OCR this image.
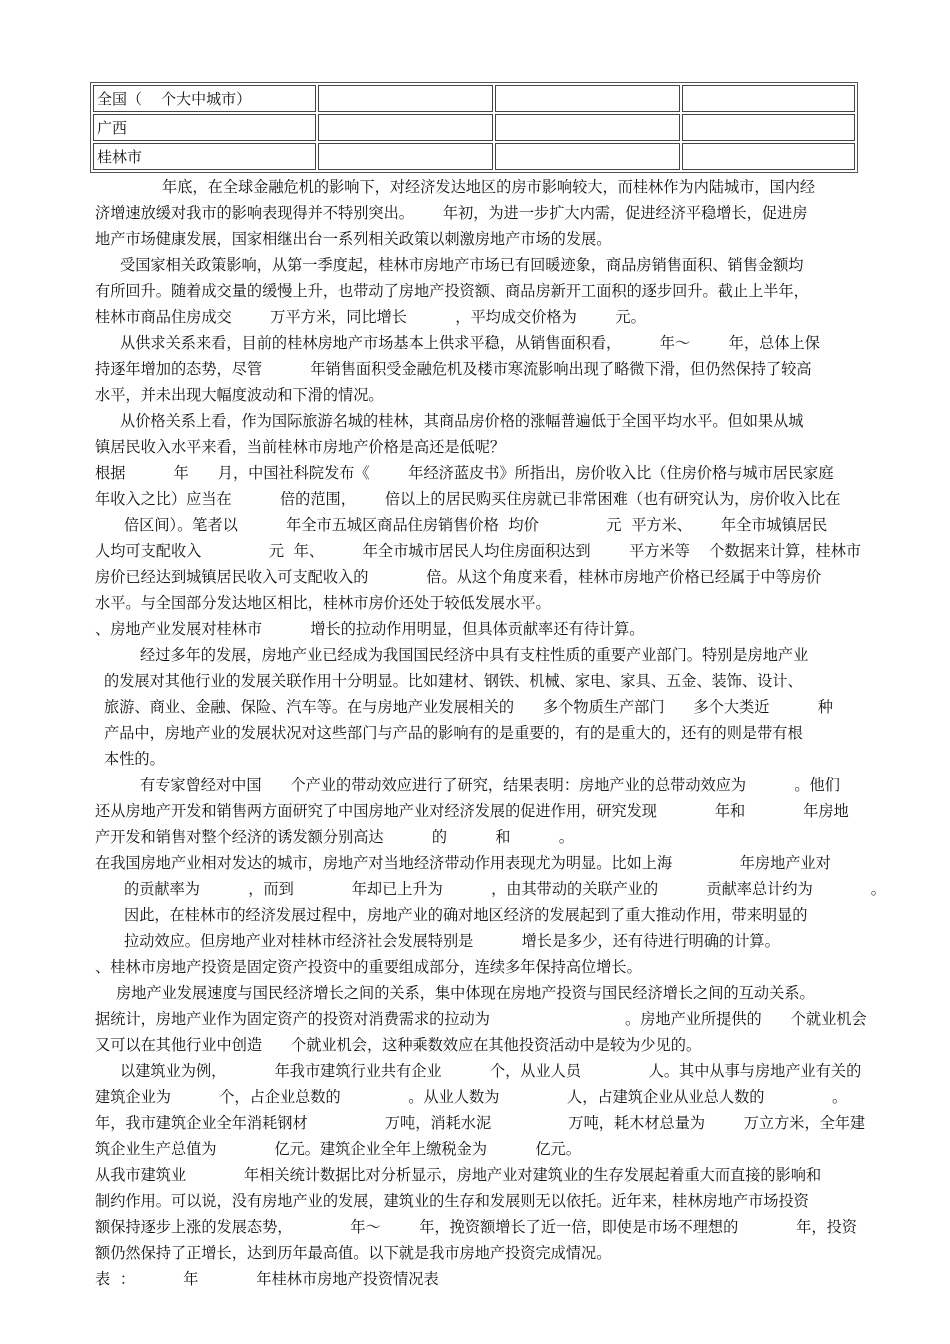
全国（    个大中城市）			
广西			
桂林市			
年底，在全球金融危机的影响下，对经济发达地区的房市影响较大，而桂林作为内陆城市，国内经
济增速放缓对我市的影响表现得并不特别突出。      年初，为进一步扩大内需，促进经济平稳增长，促进房
地产市场健康发展，国家相继出台一系列相关政策以刺激房地产市场的发展。
受国家相关政策影响，从第一季度起，桂林市房地产市场已有回暖迹象，商品房销售面积、销售金额均
有所回升。随着成交量的缓慢上升，也带动了房地产投资额、商品房新开工面积的逐步回升。截止上半年，
桂林市商品住房成交        万平方米，同比增长          ，平均成交价格为        元。
从供求关系来看，目前的桂林房地产市场基本上供求平稳，从销售面积看，        年～        年，总体上保
持逐年增加的态势，尽管          年销售面积受金融危机及楼市寒流影响出现了略微下滑，但仍然保持了较高
水平，并未出现大幅度波动和下滑的情况。
从价格关系上看，作为国际旅游名城的桂林，其商品房价格的涨幅普遍低于全国平均水平。但如果从城
镇居民收入水平来看，当前桂林市房地产价格是高还是低呢？
根据          年      月，中国社科院发布《        年经济蓝皮书》所指出，房价收入比（住房价格与城市居民家庭
年收入之比）应当在          倍的范围，      倍以上的居民购买住房就已非常困难（也有研究认为，房价收入比在
倍区间）。笔者以          年全市五城区商品住房销售价格  均价              元  平方米、      年全市城镇居民
人均可支配收入              元  年、        年全市城市居民人均住房面积达到        平方米等    个数据来计算，桂林市
房价已经达到城镇居民收入可支配收入的            倍。从这个角度来看，桂林市房地产价格已经属于中等房价
水平。与全国部分发达地区相比，桂林市房价还处于较低发展水平。
、房地产业发展对桂林市          增长的拉动作用明显，但具体贡献率还有待计算。
经过多年的发展，房地产业已经成为我国国民经济中具有支柱性质的重要产业部门。特别是房地产业
的发展对其他行业的发展关联作用十分明显。比如建材、钢铁、机械、家电、家具、五金、装饰、设计、
旅游、商业、金融、保险、汽车等。在与房地产业发展相关的      多个物质生产部门      多个大类近          种
产品中，房地产业的发展状况对这些部门与产品的影响有的是重要的，有的是重大的，还有的则是带有根
本性的。
有专家曾经对中国      个产业的带动效应进行了研究，结果表明：房地产业的总带动效应为          。他们
还从房地产开发和销售两方面研究了中国房地产业对经济发展的促进作用，研究发现            年和            年房地
产开发和销售对整个经济的诱发额分别高达          的          和          。
在我国房地产业相对发达的城市，房地产对当地经济带动作用表现尤为明显。比如上海              年房地产业对
的贡献率为          ，而到            年却已上升为          ，由其带动的关联产业的          贡献率总计约为            。
因此，在桂林市的经济发展过程中，房地产业的确对地区经济的发展起到了重大推动作用，带来明显的
拉动效应。但房地产业对桂林市经济社会发展特别是          增长是多少，还有待进行明确的计算。
、桂林市房地产投资是固定资产投资中的重要组成部分，连续多年保持高位增长。
房地产业发展速度与国民经济增长之间的关系，集中体现在房地产投资与国民经济增长之间的互动关系。
据统计，房地产业作为固定资产的投资对消费需求的拉动为                            。房地产业所提供的      个就业机会
又可以在其他行业中创造      个就业机会，这种乘数效应在其他投资活动中是较为少见的。
以建筑业为例，          年我市建筑行业共有企业          个，从业人员              人。其中从事与房地产业有关的
建筑企业为          个，占企业总数的              。从业人数为              人，占建筑企业从业总人数的              。
年，我市建筑企业全年消耗钢材                万吨，消耗水泥                万吨，耗木材总量为        万立方米，全年建
筑企业生产总值为            亿元。建筑企业全年上缴税金为          亿元。
从我市建筑业            年相关统计数据比对分析显示，房地产业对建筑业的生存发展起着重大而直接的影响和
制约作用。可以说，没有房地产业的发展，建筑业的生存和发展则无以依托。近年来，桂林房地产市场投资
额保持逐步上涨的发展态势，            年～        年，挽资额增长了近一倍，即使是市场不理想的            年，投资
额仍然保持了正增长，达到历年最高值。以下就是我市房地产投资完成情况。
表  ：          年            年桂林市房地产投资情况表
